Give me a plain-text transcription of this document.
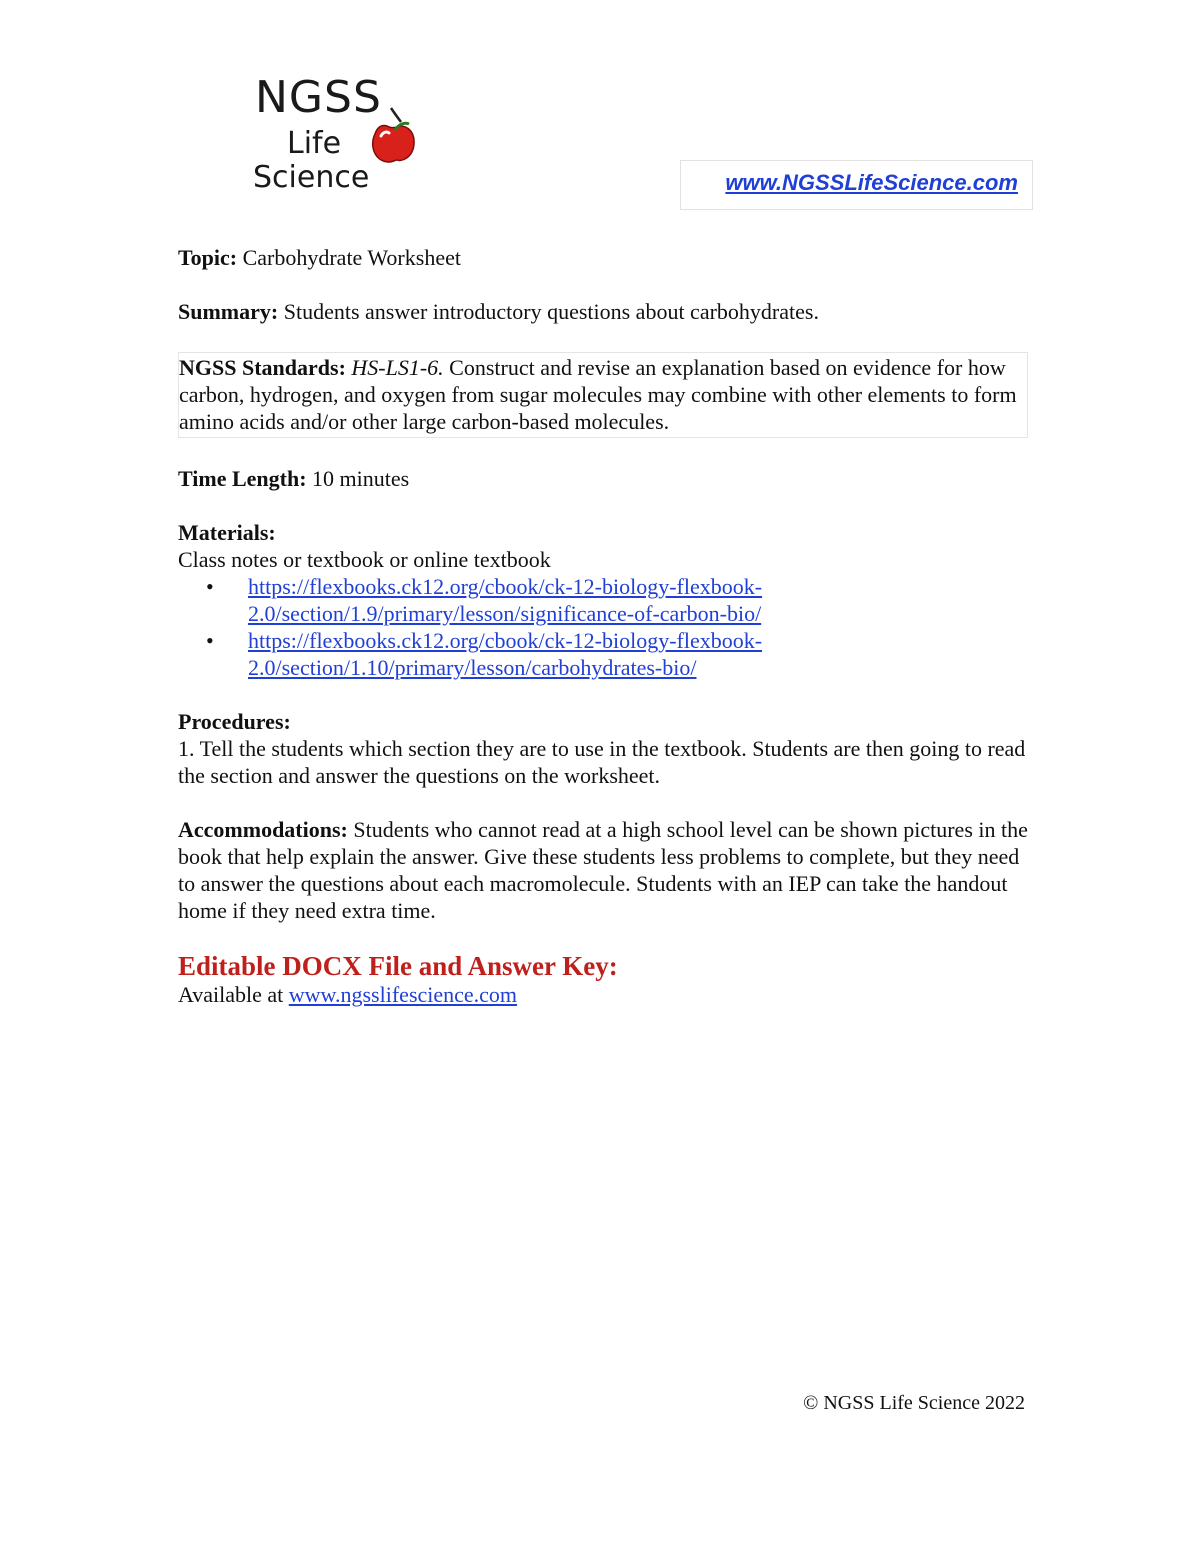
NGSS
Life
Science	www.NGSSLifeScience.com

Topic: Carbohydrate Worksheet

Summary: Students answer introductory questions about carbohydrates.

NGSS Standards: HS-LS1-6. Construct and revise an explanation based on evidence for how carbon, hydrogen, and oxygen from sugar molecules may combine with other elements to form amino acids and/or other large carbon-based molecules.

Time Length: 10 minutes

Materials:
Class notes or textbook or online textbook
• https://flexbooks.ck12.org/cbook/ck-12-biology-flexbook-
2.0/section/1.9/primary/lesson/significance-of-carbon-bio/
• https://flexbooks.ck12.org/cbook/ck-12-biology-flexbook-
2.0/section/1.10/primary/lesson/carbohydrates-bio/
Procedures:
1. Tell the students which section they are to use in the textbook. Students are then going to read the section and answer the questions on the worksheet.

Accommodations: Students who cannot read at a high school level can be shown pictures in the book that help explain the answer. Give these students less problems to complete, but they need to answer the questions about each macromolecule. Students with an IEP can take the handout home if they need extra time.

Editable DOCX File and Answer Key:
Available at www.ngsslifescience.com
© NGSS Life Science 2022
